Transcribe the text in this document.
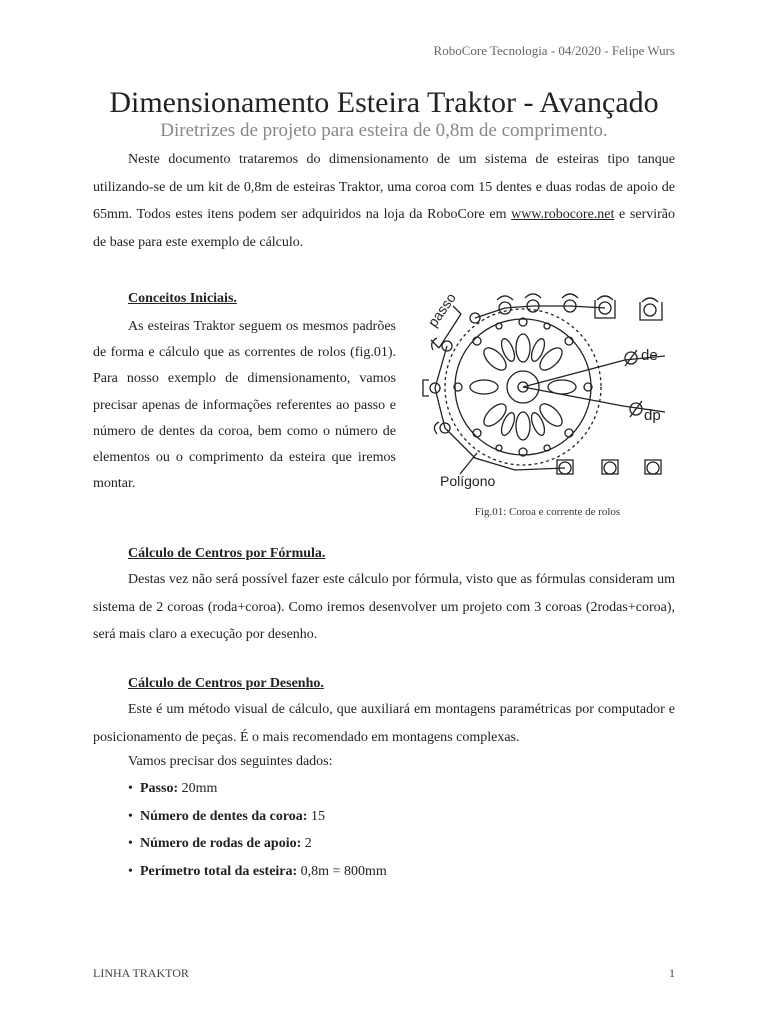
RoboCore Tecnologia - 04/2020 - Felipe Wurs
Dimensionamento Esteira Traktor - Avançado
Diretrizes de projeto para esteira de 0,8m de comprimento.

Neste documento trataremos do dimensionamento de um sistema de esteiras tipo tanque utilizando-se de um kit de 0,8m de esteiras Traktor, uma coroa com 15 dentes e duas rodas de apoio de 65mm. Todos estes itens podem ser adquiridos na loja da RoboCore em www.robocore.net e servirão de base para este exemplo de cálculo.

Conceitos Iniciais.

As esteiras Traktor seguem os mesmos padrões de forma e cálculo que as correntes de rolos (fig.01). Para nosso exemplo de dimensionamento, vamos precisar apenas de informações referentes ao passo e número de dentes da coroa, bem como o número de elementos ou o comprimento da esteira que iremos montar.

passo
de
dp
Polígono
Fig.01: Coroa e corrente de rolos
Cálculo de Centros por Fórmula.

Destas vez não será possível fazer este cálculo por fórmula, visto que as fórmulas consideram um sistema de 2 coroas (roda+coroa). Como iremos desenvolver um projeto com 3 coroas (2rodas+coroa), será mais claro a execução por desenho.

Cálculo de Centros por Desenho.

Este é um método visual de cálculo, que auxiliará em montagens paramétricas por computador e posicionamento de peças. É o mais recomendado em montagens complexas.

Vamos precisar dos seguintes dados:

• Passo: 20mm
• Número de dentes da coroa: 15
• Número de rodas de apoio: 2
• Perímetro total da esteira: 0,8m = 800mm
LINHA TRAKTOR	1
